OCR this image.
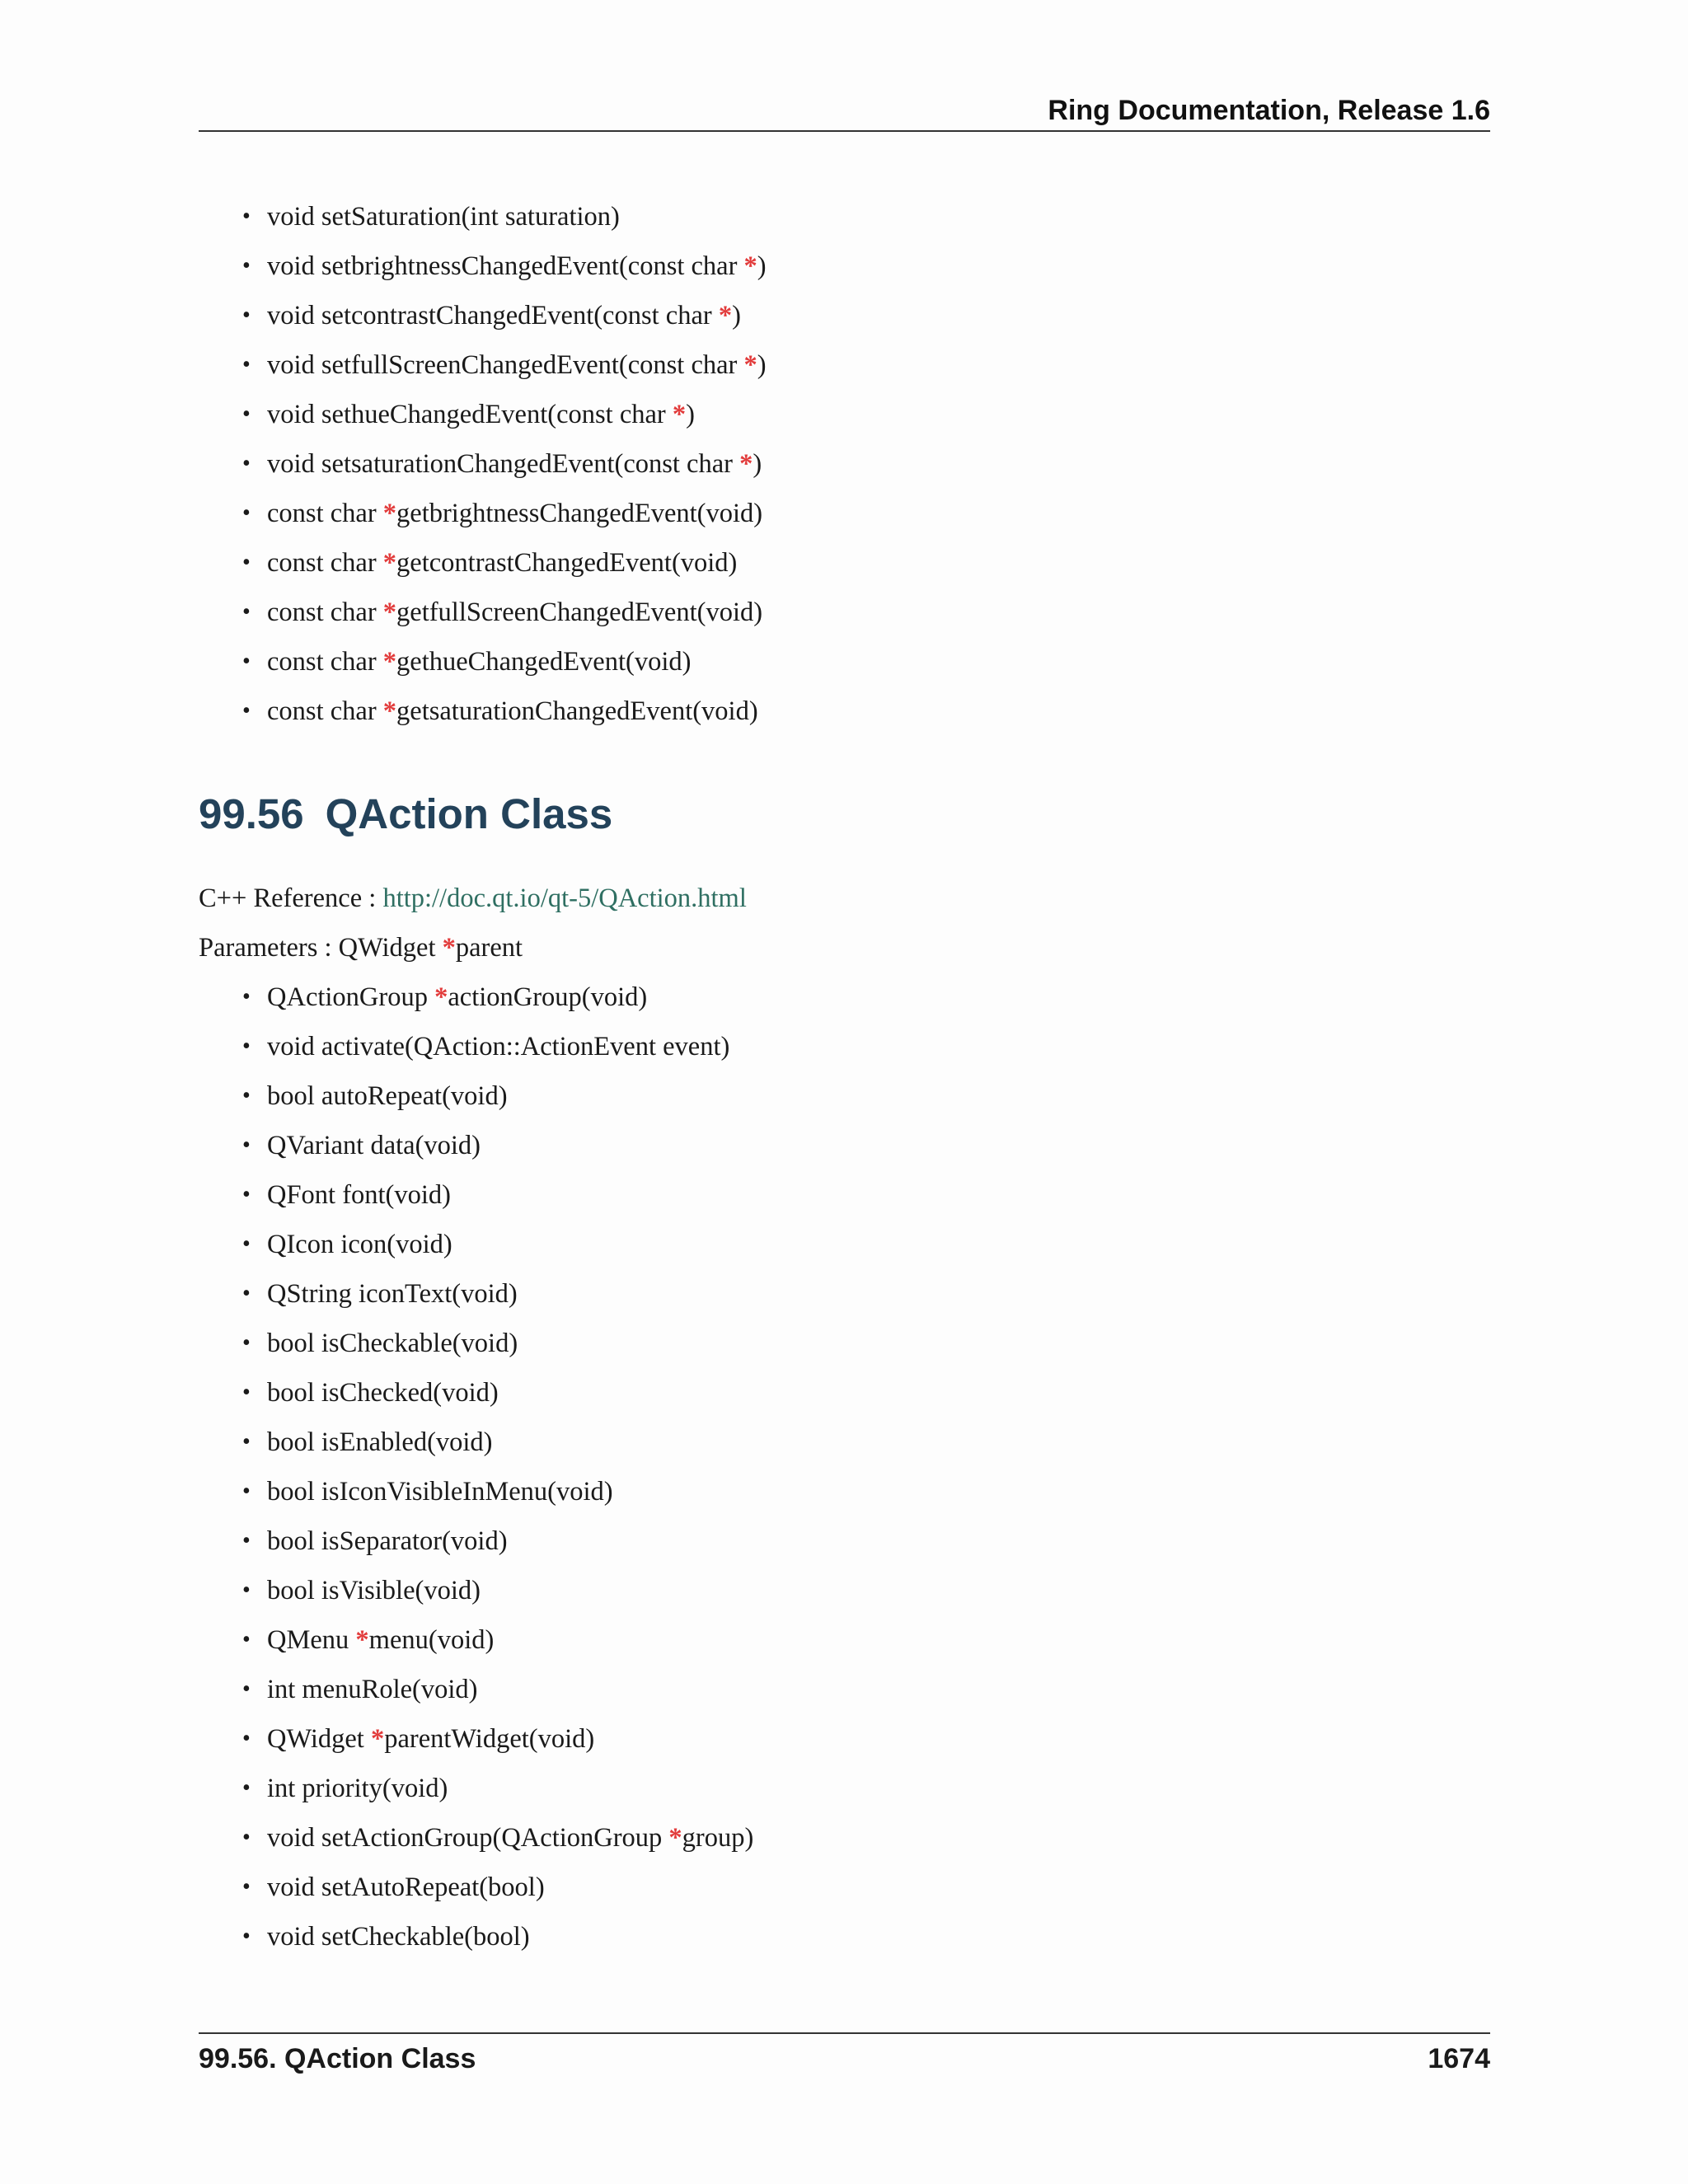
Ring Documentation, Release 1.6
• void setSaturation(int saturation)
• void setbrightnessChangedEvent(const char *)
• void setcontrastChangedEvent(const char *)
• void setfullScreenChangedEvent(const char *)
• void sethueChangedEvent(const char *)
• void setsaturationChangedEvent(const char *)
• const char *getbrightnessChangedEvent(void)
• const char *getcontrastChangedEvent(void)
• const char *getfullScreenChangedEvent(void)
• const char *gethueChangedEvent(void)
• const char *getsaturationChangedEvent(void)
99.56 QAction Class
C++ Reference : http://doc.qt.io/qt-5/QAction.html
Parameters : QWidget *parent
• QActionGroup *actionGroup(void)
• void activate(QAction::ActionEvent event)
• bool autoRepeat(void)
• QVariant data(void)
• QFont font(void)
• QIcon icon(void)
• QString iconText(void)
• bool isCheckable(void)
• bool isChecked(void)
• bool isEnabled(void)
• bool isIconVisibleInMenu(void)
• bool isSeparator(void)
• bool isVisible(void)
• QMenu *menu(void)
• int menuRole(void)
• QWidget *parentWidget(void)
• int priority(void)
• void setActionGroup(QActionGroup *group)
• void setAutoRepeat(bool)
• void setCheckable(bool)
99.56. QAction Class	1674
